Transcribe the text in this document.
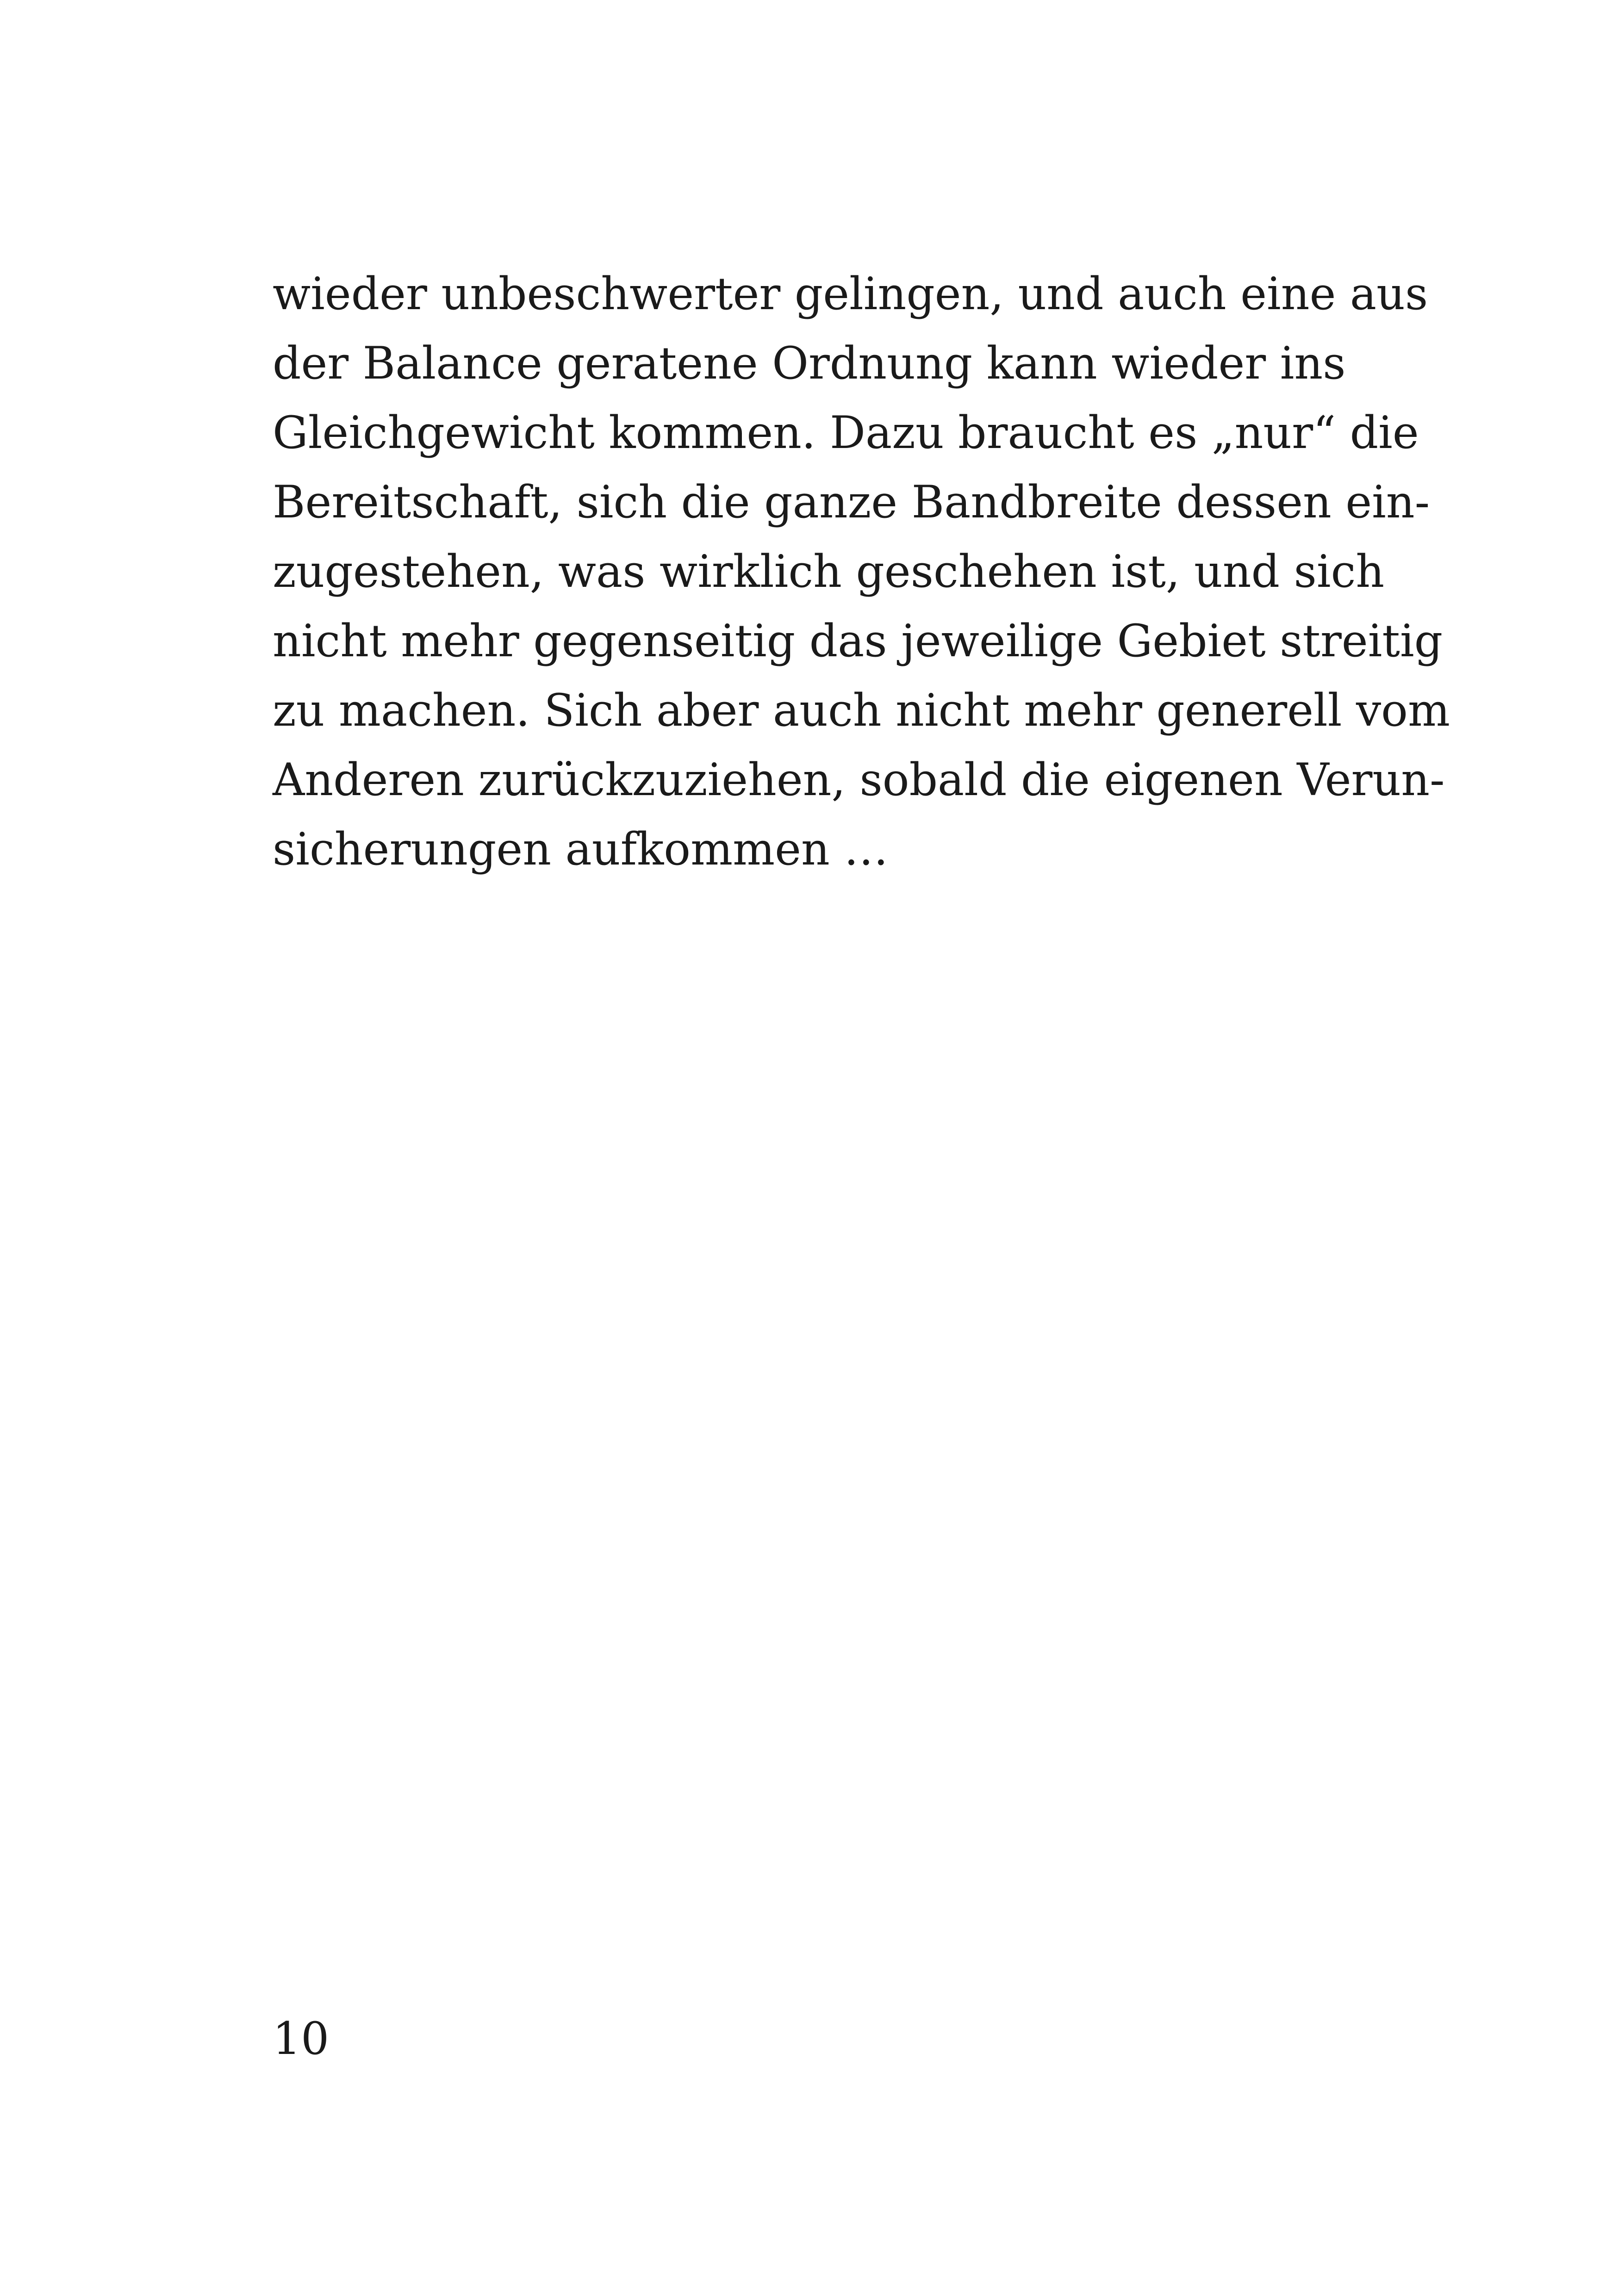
wieder unbeschwerter gelingen, und auch eine aus
der Balance geratene Ordnung kann wieder ins
Gleichgewicht kommen. Dazu braucht es „nur“ die
Bereitschaft, sich die ganze Bandbreite dessen ein-
zugestehen, was wirklich geschehen ist, und sich
nicht mehr gegenseitig das jeweilige Gebiet streitig
zu machen. Sich aber auch nicht mehr generell vom
Anderen zurückzuziehen, sobald die eigenen Verun-
sicherungen aufkommen …
10
